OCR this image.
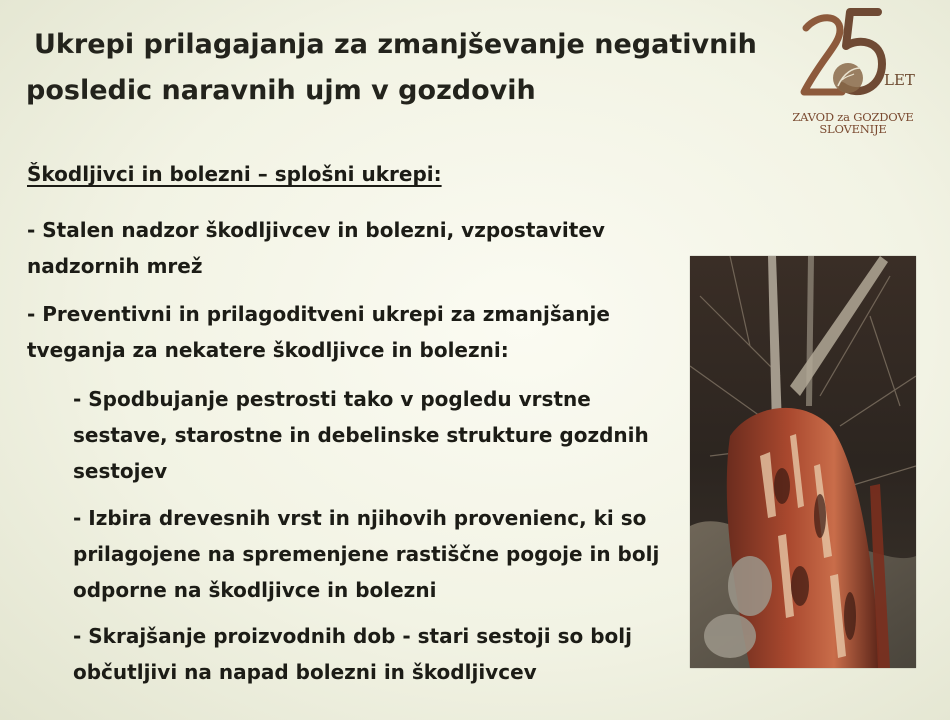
Ukrepi prilagajanja za zmanjševanje negativnih
posledic naravnih ujm v gozdovih	LET
ZAVOD za GOZDOVE
SLOVENIJE

Škodljivci in bolezni – splošni ukrepi:

- Stalen nadzor škodljivcev in bolezni, vzpostavitev nadzornih mrež

- Preventivni in prilagoditveni ukrepi za zmanjšanje tveganja za nekatere škodljivce in bolezni:

- Spodbujanje pestrosti tako v pogledu vrstne sestave, starostne in debelinske strukture gozdnih sestojev

- Izbira drevesnih vrst in njihovih provenienc, ki so prilagojene na spremenjene rastiščne pogoje in bolj odporne na škodljivce in bolezni

- Skrajšanje proizvodnih dob - stari sestoji so bolj občutljivi na napad bolezni in škodljivcev
